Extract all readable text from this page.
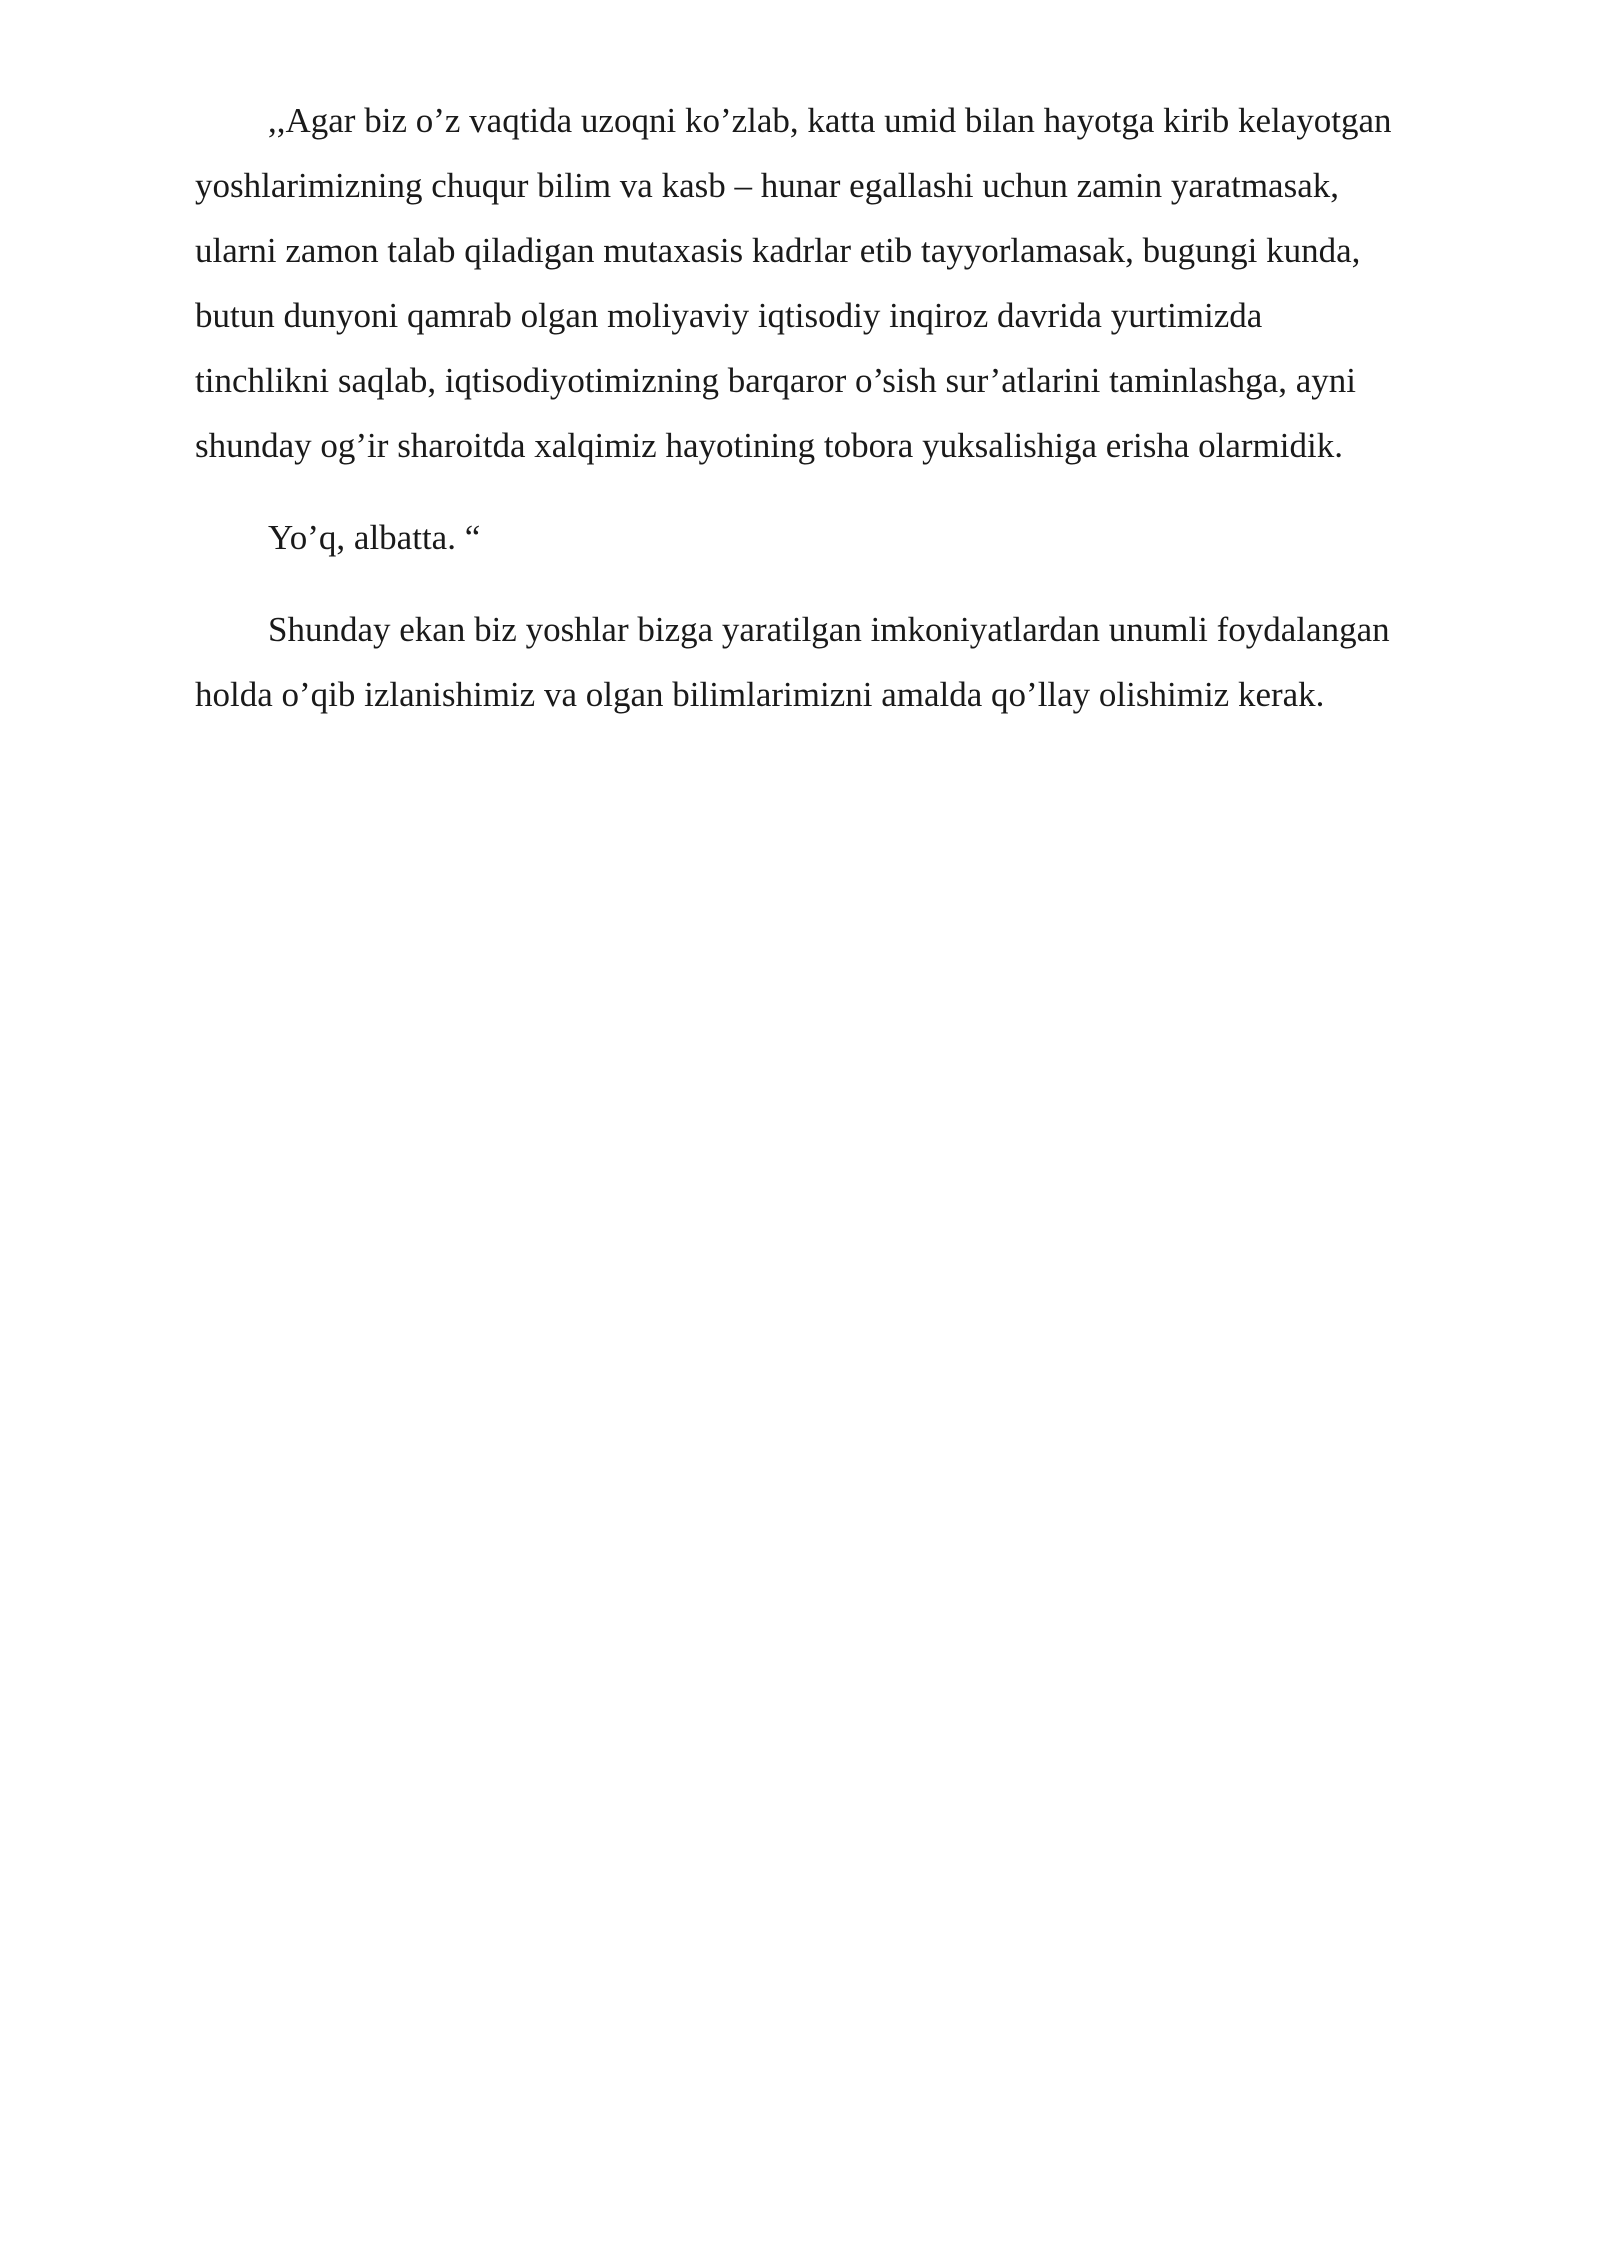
,,Agar biz o’z vaqtida uzoqni ko’zlab, katta umid bilan hayotga kirib kelayotgan
yoshlarimizning chuqur bilim va kasb – hunar egallashi uchun zamin yaratmasak,
ularni zamon talab qiladigan mutaxasis kadrlar etib tayyorlamasak, bugungi kunda,
butun dunyoni qamrab olgan moliyaviy iqtisodiy inqiroz davrida yurtimizda
tinchlikni saqlab, iqtisodiyotimizning barqaror o’sish sur’atlarini taminlashga, ayni
shunday og’ir sharoitda xalqimiz hayotining tobora yuksalishiga erisha olarmidik.

Yo’q, albatta. “

Shunday ekan biz yoshlar bizga yaratilgan imkoniyatlardan unumli foydalangan
holda o’qib izlanishimiz va olgan bilimlarimizni amalda qo’llay olishimiz kerak.
